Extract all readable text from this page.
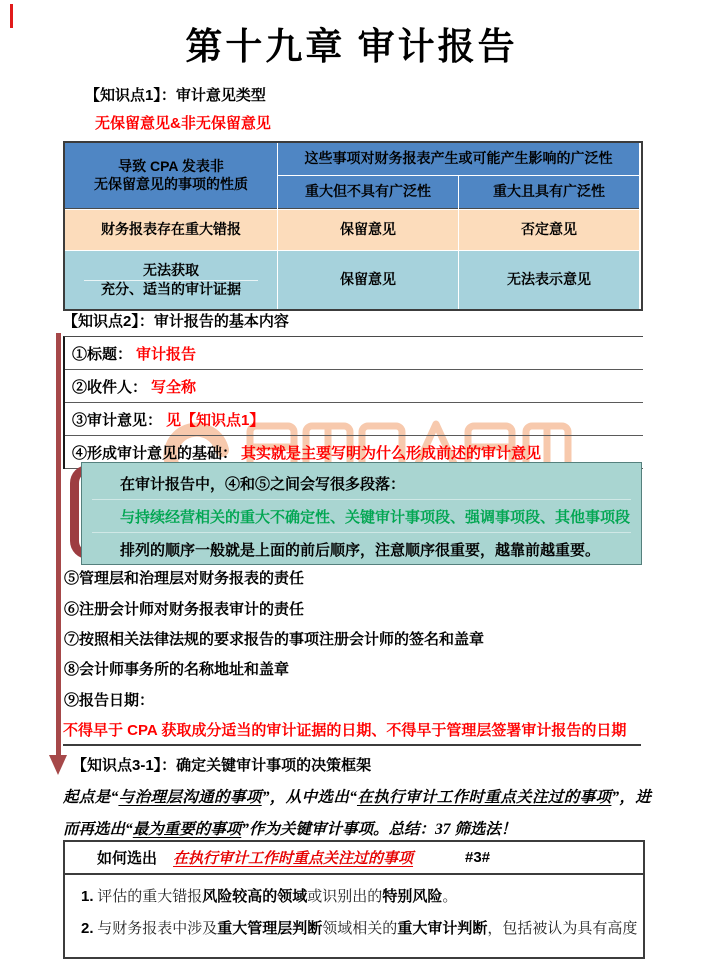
第十九章 审计报告
【知识点1】：审计意见类型
无保留意见&非无保留意见
导致 CPA 发表非
无保留意见的事项的性质
这些事项对财务报表产生或可能产生影响的广泛性
重大但不具有广泛性	重大且具有广泛性
财务报表存在重大错报	保留意见	否定意见
无法获取
充分、适当的审计证据
保留意见	无法表示意见
【知识点2】：审计报告的基本内容
①标题： 审计报告
②收件人： 写全称
③审计意见： 见【知识点1】
④形成审计意见的基础： 其实就是主要写明为什么形成前述的审计意见
在审计报告中，④和⑤之间会写很多段落：
与持续经营相关的重大不确定性、关键审计事项段、强调事项段、其他事项段
排列的顺序一般就是上面的前后顺序，注意顺序很重要，越靠前越重要。
⑤管理层和治理层对财务报表的责任
⑥注册会计师对财务报表审计的责任
⑦按照相关法律法规的要求报告的事项注册会计师的签名和盖章
⑧会计师事务所的名称地址和盖章
⑨报告日期：
不得早于 CPA 获取成分适当的审计证据的日期、不得早于管理层签署审计报告的日期
【知识点3-1】：确定关键审计事项的决策框架
起点是“与治理层沟通的事项”，从中选出“在执行审计工作时重点关注过的事项”，进而再选出“最为重要的事项”作为关键审计事项。总结：37 筛选法！
如何选出 在执行审计工作时重点关注过的事项	#3#
1. 评估的重大错报风险较高的领域或识别出的特别风险。
2. 与财务报表中涉及重大管理层判断领域相关的重大审计判断，包括被认为具有高度
